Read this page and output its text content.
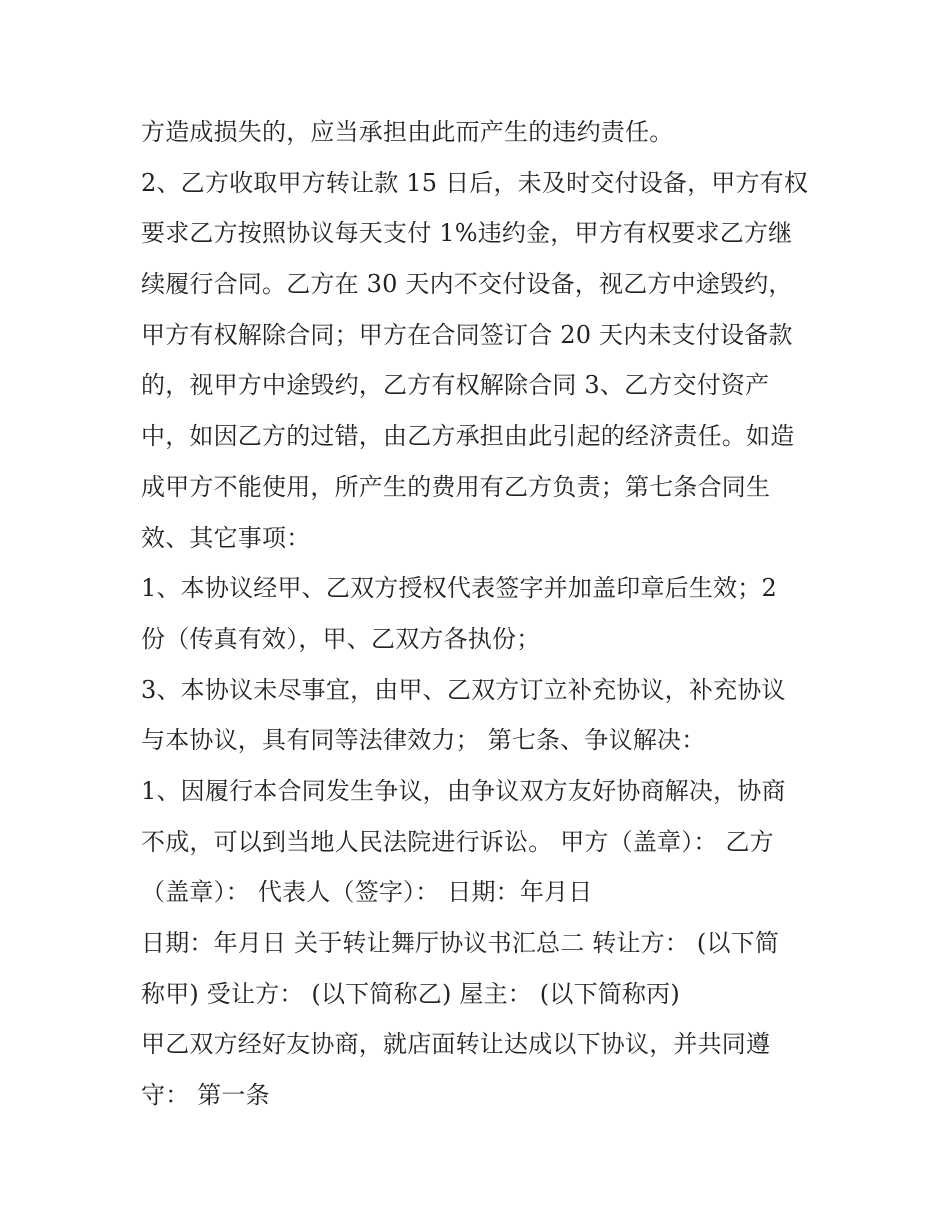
方造成损失的，应当承担由此而产生的违约责任。
2、乙方收取甲方转让款 15 日后，未及时交付设备，甲方有权
要求乙方按照协议每天支付 1%违约金，甲方有权要求乙方继
续履行合同。乙方在 30 天内不交付设备，视乙方中途毁约，
甲方有权解除合同；甲方在合同签订合 20 天内未支付设备款
的，视甲方中途毁约，乙方有权解除合同 3、乙方交付资产
中，如因乙方的过错，由乙方承担由此引起的经济责任。如造
成甲方不能使用，所产生的费用有乙方负责；第七条合同生
效、其它事项：
1、本协议经甲、乙双方授权代表签字并加盖印章后生效；2
份（传真有效），甲、乙双方各执份；
3、本协议未尽事宜，由甲、乙双方订立补充协议，补充协议
与本协议，具有同等法律效力； 第七条、争议解决：
1、因履行本合同发生争议，由争议双方友好协商解决，协商
不成，可以到当地人民法院进行诉讼。 甲方（盖章）： 乙方
（盖章）： 代表人（签字）： 日期：年月日
日期：年月日 关于转让舞厅协议书汇总二 转让方： (以下简
称甲) 受让方： (以下简称乙) 屋主： (以下简称丙)
甲乙双方经好友协商，就店面转让达成以下协议，并共同遵
守： 第一条
